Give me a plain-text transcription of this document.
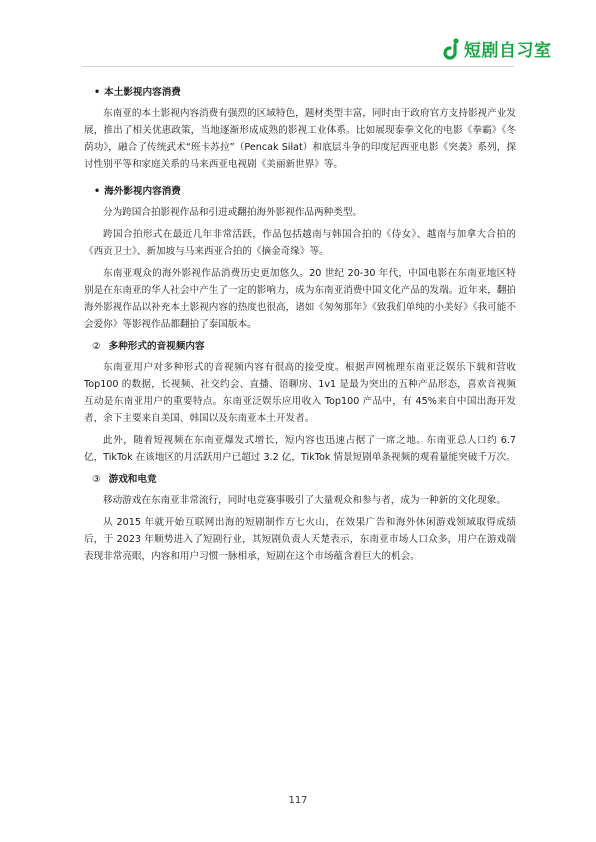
短剧自习室
• 本土影视内容消费

东南亚的本土影视内容消费有强烈的区域特色，题材类型丰富，同时由于政府官方支持影视产业发展，推出了相关优惠政策，当地逐渐形成成熟的影视工业体系。比如展现泰拳文化的电影《拳霸》《冬荫功》，融合了传统武术“班卡苏拉”（Pencak Silat）和底层斗争的印度尼西亚电影《突袭》系列，探讨性别平等和家庭关系的马来西亚电视剧《美丽新世界》等。

• 海外影视内容消费

分为跨国合拍影视作品和引进或翻拍海外影视作品两种类型。

跨国合拍形式在最近几年非常活跃，作品包括越南与韩国合拍的《侍女》、越南与加拿大合拍的《西贡卫士》、新加坡与马来西亚合拍的《摘金奇缘》等。

东南亚观众的海外影视作品消费历史更加悠久。20 世纪 20-30 年代，中国电影在东南亚地区特别是在东南亚的华人社会中产生了一定的影响力，成为东南亚消费中国文化产品的发端。近年来，翻拍海外影视作品以补充本土影视内容的热度也很高，诸如《匆匆那年》《致我们单纯的小美好》《我可能不会爱你》等影视作品都翻拍了泰国版本。

② 多种形式的音视频内容

东南亚用户对多种形式的音视频内容有很高的接受度。根据声网梳理东南亚泛娱乐下载和营收 Top100 的数据，长视频、社交约会、直播、语聊房、1v1 是最为突出的五种产品形态，喜欢音视频互动是东南亚用户的重要特点。东南亚泛娱乐应用收入 Top100 产品中，有 45%来自中国出海开发者，余下主要来自美国、韩国以及东南亚本土开发者。

此外，随着短视频在东南亚爆发式增长，短内容也迅速占据了一席之地。东南亚总人口约 6.7 亿，TikTok 在该地区的月活跃用户已超过 3.2 亿，TikTok 情景短剧单条视频的观看量能突破千万次。

③ 游戏和电竞

移动游戏在东南亚非常流行，同时电竞赛事吸引了大量观众和参与者，成为一种新的文化现象。

从 2015 年就开始互联网出海的短剧制作方七火山，在效果广告和海外休闲游戏领域取得成绩后，于 2023 年顺势进入了短剧行业，其短剧负责人天楚表示，东南亚市场人口众多，用户在游戏端表现非常亮眼，内容和用户习惯一脉相承，短剧在这个市场蕴含着巨大的机会。

117
